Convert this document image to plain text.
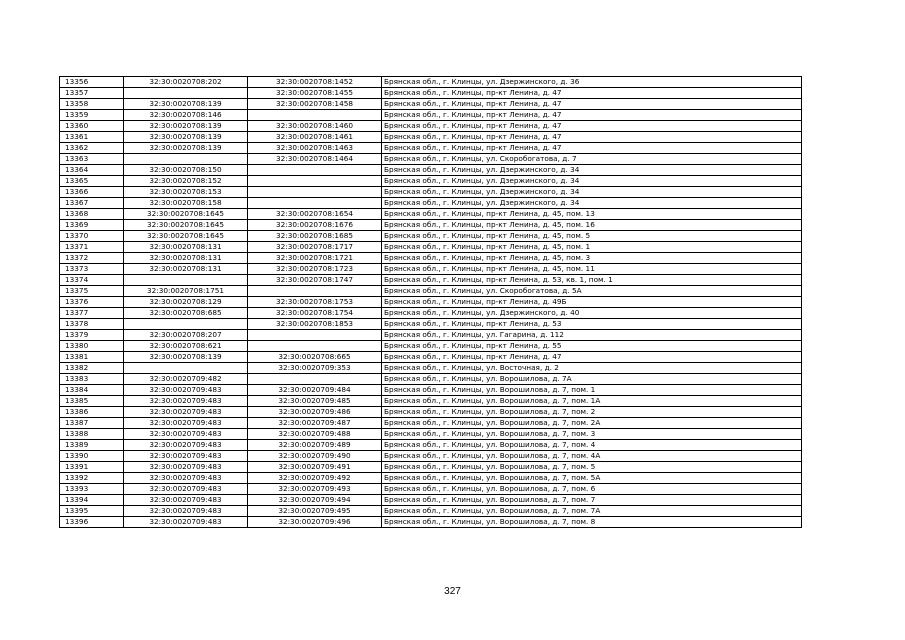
13356	32:30:0020708:202	32:30:0020708:1452	Брянская обл., г. Клинцы, ул. Дзержинского, д. 36
13357		32:30:0020708:1455	Брянская обл., г. Клинцы, пр-кт Ленина, д. 47
13358	32:30:0020708:139	32:30:0020708:1458	Брянская обл., г. Клинцы, пр-кт Ленина, д. 47
13359	32:30:0020708:146		Брянская обл., г. Клинцы, пр-кт Ленина, д. 47
13360	32:30:0020708:139	32:30:0020708:1460	Брянская обл., г. Клинцы, пр-кт Ленина, д. 47
13361	32:30:0020708:139	32:30:0020708:1461	Брянская обл., г. Клинцы, пр-кт Ленина, д. 47
13362	32:30:0020708:139	32:30:0020708:1463	Брянская обл., г. Клинцы, пр-кт Ленина, д. 47
13363		32:30:0020708:1464	Брянская обл., г. Клинцы, ул. Скоробогатова, д. 7
13364	32:30:0020708:150		Брянская обл., г. Клинцы, ул. Дзержинского, д. 34
13365	32:30:0020708:152		Брянская обл., г. Клинцы, ул. Дзержинского, д. 34
13366	32:30:0020708:153		Брянская обл., г. Клинцы, ул. Дзержинского, д. 34
13367	32:30:0020708:158		Брянская обл., г. Клинцы, ул. Дзержинского, д. 34
13368	32:30:0020708:1645	32:30:0020708:1654	Брянская обл., г. Клинцы, пр-кт Ленина, д. 45, пом. 13
13369	32:30:0020708:1645	32:30:0020708:1676	Брянская обл., г. Клинцы, пр-кт Ленина, д. 45, пом. 16
13370	32:30:0020708:1645	32:30:0020708:1685	Брянская обл., г. Клинцы, пр-кт Ленина, д. 45, пом. 5
13371	32:30:0020708:131	32:30:0020708:1717	Брянская обл., г. Клинцы, пр-кт Ленина, д. 45, пом. 1
13372	32:30:0020708:131	32:30:0020708:1721	Брянская обл., г. Клинцы, пр-кт Ленина, д. 45, пом. 3
13373	32:30:0020708:131	32:30:0020708:1723	Брянская обл., г. Клинцы, пр-кт Ленина, д. 45, пом. 11
13374		32:30:0020708:1747	Брянская обл., г. Клинцы, пр-кт Ленина, д. 53, кв. 1, пом. 1
13375	32:30:0020708:1751		Брянская обл., г. Клинцы, ул. Скоробогатова, д. 5А
13376	32:30:0020708:129	32:30:0020708:1753	Брянская обл., г. Клинцы, пр-кт Ленина, д. 49Б
13377	32:30:0020708:685	32:30:0020708:1754	Брянская обл., г. Клинцы, ул. Дзержинского, д. 40
13378		32:30:0020708:1853	Брянская обл., г. Клинцы, пр-кт Ленина, д. 53
13379	32:30:0020708:207		Брянская обл., г. Клинцы, ул. Гагарина, д. 112
13380	32:30:0020708:621		Брянская обл., г. Клинцы, пр-кт Ленина, д. 55
13381	32:30:0020708:139	32:30:0020708:665	Брянская обл., г. Клинцы, пр-кт Ленина, д. 47
13382		32:30:0020709:353	Брянская обл., г. Клинцы, ул. Восточная, д. 2
13383	32:30:0020709:482		Брянская обл., г. Клинцы, ул. Ворошилова, д. 7А
13384	32:30:0020709:483	32:30:0020709:484	Брянская обл., г. Клинцы, ул. Ворошилова, д. 7, пом. 1
13385	32:30:0020709:483	32:30:0020709:485	Брянская обл., г. Клинцы, ул. Ворошилова, д. 7, пом. 1А
13386	32:30:0020709:483	32:30:0020709:486	Брянская обл., г. Клинцы, ул. Ворошилова, д. 7, пом. 2
13387	32:30:0020709:483	32:30:0020709:487	Брянская обл., г. Клинцы, ул. Ворошилова, д. 7, пом. 2А
13388	32:30:0020709:483	32:30:0020709:488	Брянская обл., г. Клинцы, ул. Ворошилова, д. 7, пом. 3
13389	32:30:0020709:483	32:30:0020709:489	Брянская обл., г. Клинцы, ул. Ворошилова, д. 7, пом. 4
13390	32:30:0020709:483	32:30:0020709:490	Брянская обл., г. Клинцы, ул. Ворошилова, д. 7, пом. 4А
13391	32:30:0020709:483	32:30:0020709:491	Брянская обл., г. Клинцы, ул. Ворошилова, д. 7, пом. 5
13392	32:30:0020709:483	32:30:0020709:492	Брянская обл., г. Клинцы, ул. Ворошилова, д. 7, пом. 5А
13393	32:30:0020709:483	32:30:0020709:493	Брянская обл., г. Клинцы, ул. Ворошилова, д. 7, пом. 6
13394	32:30:0020709:483	32:30:0020709:494	Брянская обл., г. Клинцы, ул. Ворошилова, д. 7, пом. 7
13395	32:30:0020709:483	32:30:0020709:495	Брянская обл., г. Клинцы, ул. Ворошилова, д. 7, пом. 7А
13396	32:30:0020709:483	32:30:0020709:496	Брянская обл., г. Клинцы, ул. Ворошилова, д. 7, пом. 8
327
